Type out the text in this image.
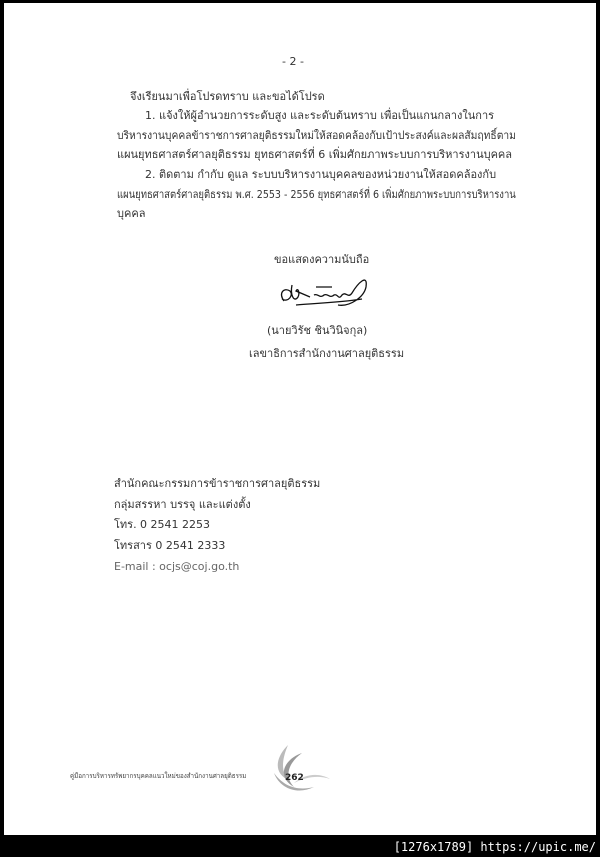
- 2 -
จึงเรียนมาเพื่อโปรดทราบ และขอได้โปรด
1. แจ้งให้ผู้อำนวยการระดับสูง และระดับต้นทราบ เพื่อเป็นแกนกลางในการ
บริหารงานบุคคลข้าราชการศาลยุติธรรมใหม่ให้สอดคล้องกับเป้าประสงค์และผลสัมฤทธิ์ตาม
แผนยุทธศาสตร์ศาลยุติธรรม ยุทธศาสตร์ที่ 6 เพิ่มศักยภาพระบบการบริหารงานบุคคล
2. ติดตาม กำกับ ดูแล ระบบบริหารงานบุคคลของหน่วยงานให้สอดคล้องกับ
แผนยุทธศาสตร์ศาลยุติธรรม พ.ศ. 2553 - 2556 ยุทธศาสตร์ที่ 6 เพิ่มศักยภาพระบบการบริหารงาน
บุคคล
ขอแสดงความนับถือ
(นายวิรัช ชินวินิจกุล)
เลขาธิการสำนักงานศาลยุติธรรม
สำนักคณะกรรมการข้าราชการศาลยุติธรรม
กลุ่มสรรหา บรรจุ และแต่งตั้ง
โทร. 0 2541 2253
โทรสาร 0 2541 2333
E-mail : ocjs@coj.go.th
คู่มือการบริหารทรัพยากรบุคคลแนวใหม่ของสำนักงานศาลยุติธรรม	262
[1276x1789] https://upic.me/
